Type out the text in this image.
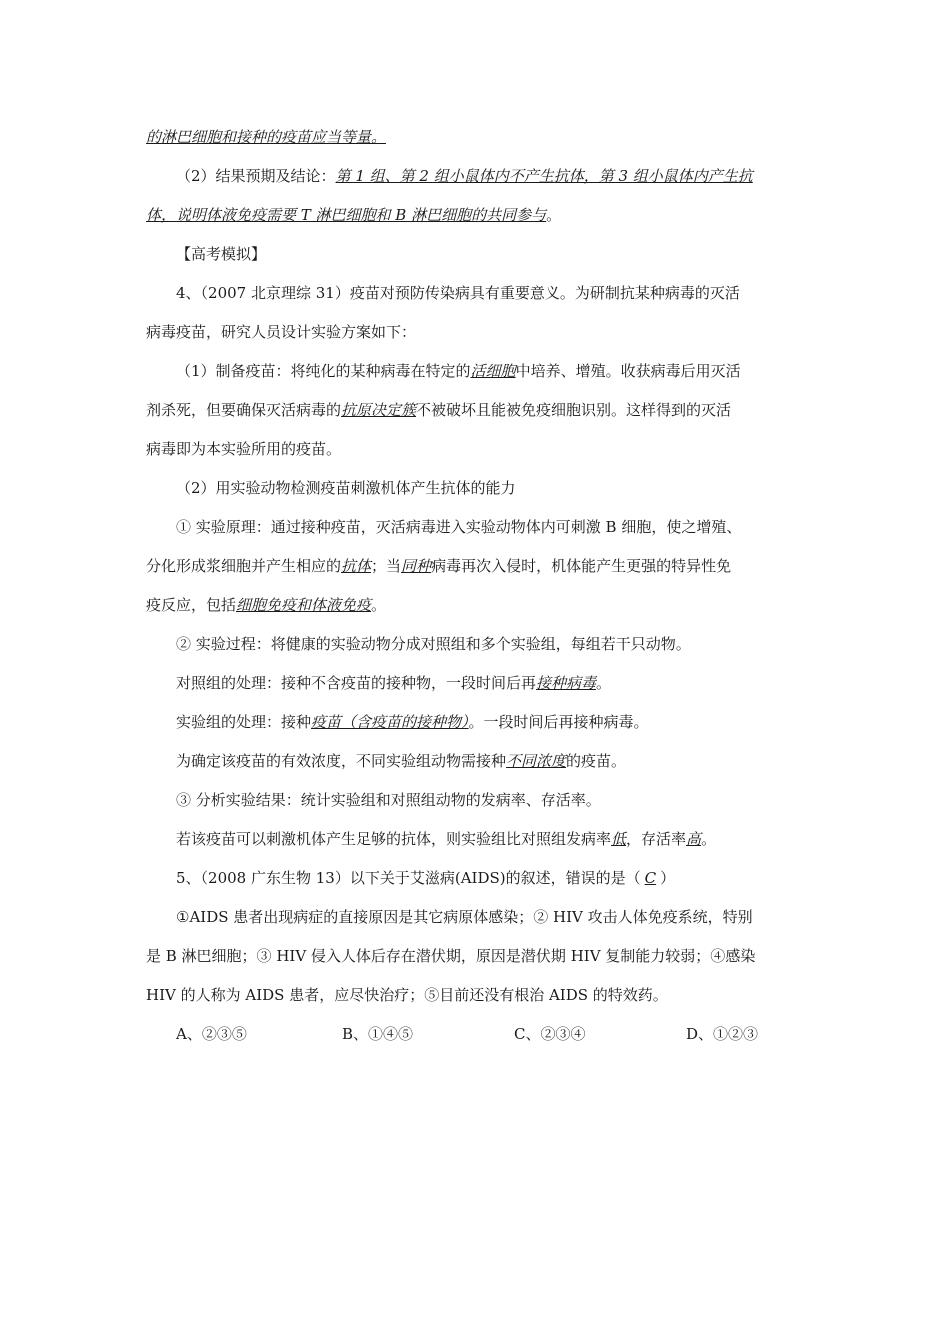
的淋巴细胞和接种的疫苗应当等量。
（2）结果预期及结论：第 1 组、第 2 组小鼠体内不产生抗体，第 3 组小鼠体内产生抗
体，说明体液免疫需要 T 淋巴细胞和 B 淋巴细胞的共同参与。
【高考模拟】
4、（2007 北京理综 31）疫苗对预防传染病具有重要意义。为研制抗某种病毒的灭活
病毒疫苗，研究人员设计实验方案如下：
（1）制备疫苗：将纯化的某种病毒在特定的活细胞中培养、增殖。收获病毒后用灭活
剂杀死，但要确保灭活病毒的抗原决定簇不被破坏且能被免疫细胞识别。这样得到的灭活
病毒即为本实验所用的疫苗。
（2）用实验动物检测疫苗刺激机体产生抗体的能力
① 实验原理：通过接种疫苗，灭活病毒进入实验动物体内可刺激 B 细胞，使之增殖、
分化形成浆细胞并产生相应的抗体；当同种病毒再次入侵时，机体能产生更强的特异性免
疫反应，包括细胞免疫和体液免疫。
② 实验过程：将健康的实验动物分成对照组和多个实验组，每组若干只动物。
对照组的处理：接种不含疫苗的接种物，一段时间后再接种病毒。
实验组的处理：接种疫苗（含疫苗的接种物）。一段时间后再接种病毒。
为确定该疫苗的有效浓度，不同实验组动物需接种不同浓度的疫苗。
③ 分析实验结果：统计实验组和对照组动物的发病率、存活率。
若该疫苗可以刺激机体产生足够的抗体，则实验组比对照组发病率低，存活率高。
5、（2008 广东生物 13）以下关于艾滋病(AIDS)的叙述，错误的是（ C ）
①AIDS 患者出现病症的直接原因是其它病原体感染；② HIV 攻击人体免疫系统，特别
是 B 淋巴细胞；③ HIV 侵入人体后存在潜伏期，原因是潜伏期 HIV 复制能力较弱；④感染
HIV 的人称为 AIDS 患者，应尽快治疗；⑤目前还没有根治 AIDS 的特效药。
A、②③⑤	B、①④⑤	C、②③④	D、①②③
